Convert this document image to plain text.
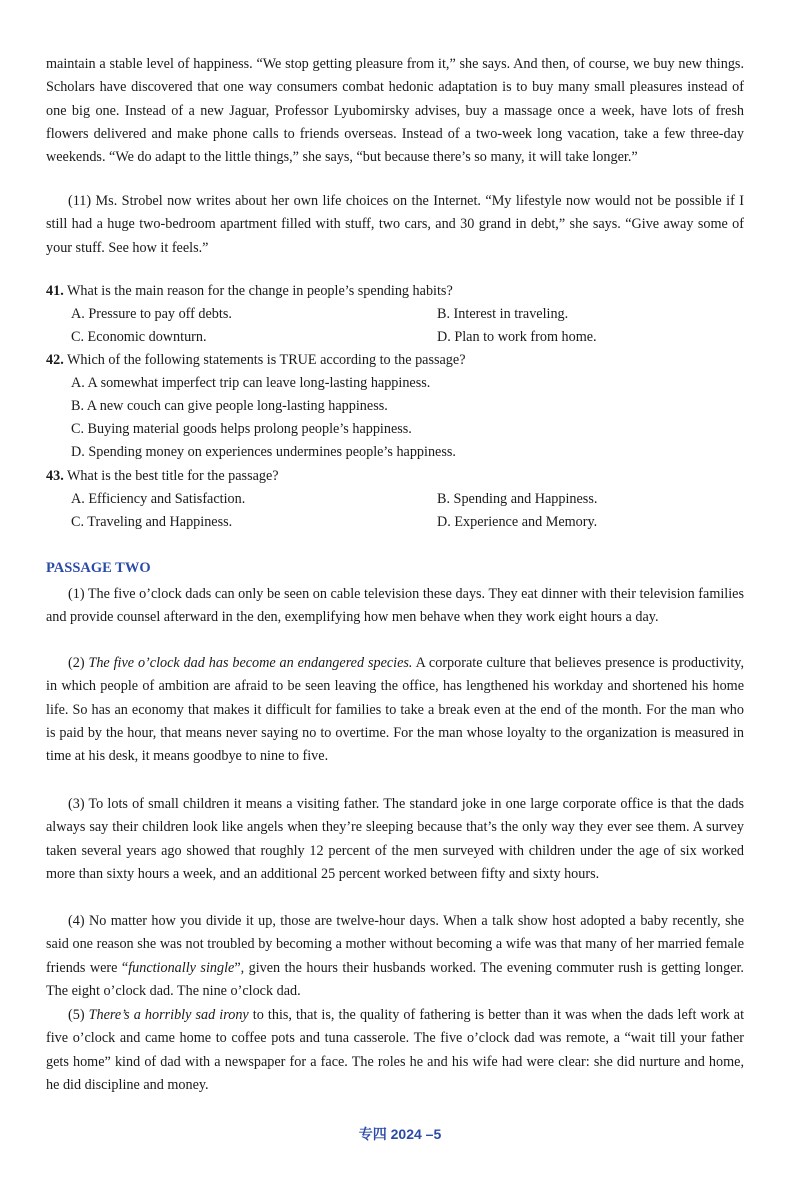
maintain a stable level of happiness. “We stop getting pleasure from it,” she says. And then, of course, we buy new things. Scholars have discovered that one way consumers combat hedonic adaptation is to buy many small pleasures instead of one big one. Instead of a new Jaguar, Professor Lyubomirsky advises, buy a massage once a week, have lots of fresh flowers delivered and make phone calls to friends overseas. Instead of a two-week long vacation, take a few three-day weekends. “We do adapt to the little things,” she says, “but because there’s so many, it will take longer.”

(11) Ms. Strobel now writes about her own life choices on the Internet. “My lifestyle now would not be possible if I still had a huge two-bedroom apartment filled with stuff, two cars, and 30 grand in debt,” she says. “Give away some of your stuff. See how it feels.”

41. What is the main reason for the change in people’s spending habits?

A. Pressure to pay off debts.	B. Interest in traveling.

C. Economic downturn.	D. Plan to work from home.

42. Which of the following statements is TRUE according to the passage?

A. A somewhat imperfect trip can leave long-lasting happiness.

B. A new couch can give people long-lasting happiness.

C. Buying material goods helps prolong people’s happiness.

D. Spending money on experiences undermines people’s happiness.

43. What is the best title for the passage?

A. Efficiency and Satisfaction.	B. Spending and Happiness.

C. Traveling and Happiness.	D. Experience and Memory.

PASSAGE TWO

(1) The five o’clock dads can only be seen on cable television these days. They eat dinner with their television families and provide counsel afterward in the den, exemplifying how men behave when they work eight hours a day.

(2) The five o’clock dad has become an endangered species. A corporate culture that believes presence is productivity, in which people of ambition are afraid to be seen leaving the office, has lengthened his workday and shortened his home life. So has an economy that makes it difficult for families to take a break even at the end of the month. For the man who is paid by the hour, that means never saying no to overtime. For the man whose loyalty to the organization is measured in time at his desk, it means goodbye to nine to five.

(3) To lots of small children it means a visiting father. The standard joke in one large corporate office is that the dads always say their children look like angels when they’re sleeping because that’s the only way they ever see them. A survey taken several years ago showed that roughly 12 percent of the men surveyed with children under the age of six worked more than sixty hours a week, and an additional 25 percent worked between fifty and sixty hours.

(4) No matter how you divide it up, those are twelve-hour days. When a talk show host adopted a baby recently, she said one reason she was not troubled by becoming a mother without becoming a wife was that many of her married female friends were “functionally single”, given the hours their husbands worked. The evening commuter rush is getting longer. The eight o’clock dad. The nine o’clock dad.

(5) There’s a horribly sad irony to this, that is, the quality of fathering is better than it was when the dads left work at five o’clock and came home to coffee pots and tuna casserole. The five o’clock dad was remote, a “wait till your father gets home” kind of dad with a newspaper for a face. The roles he and his wife had were clear: she did nurture and home, he did discipline and money.

专四 2024 –5
